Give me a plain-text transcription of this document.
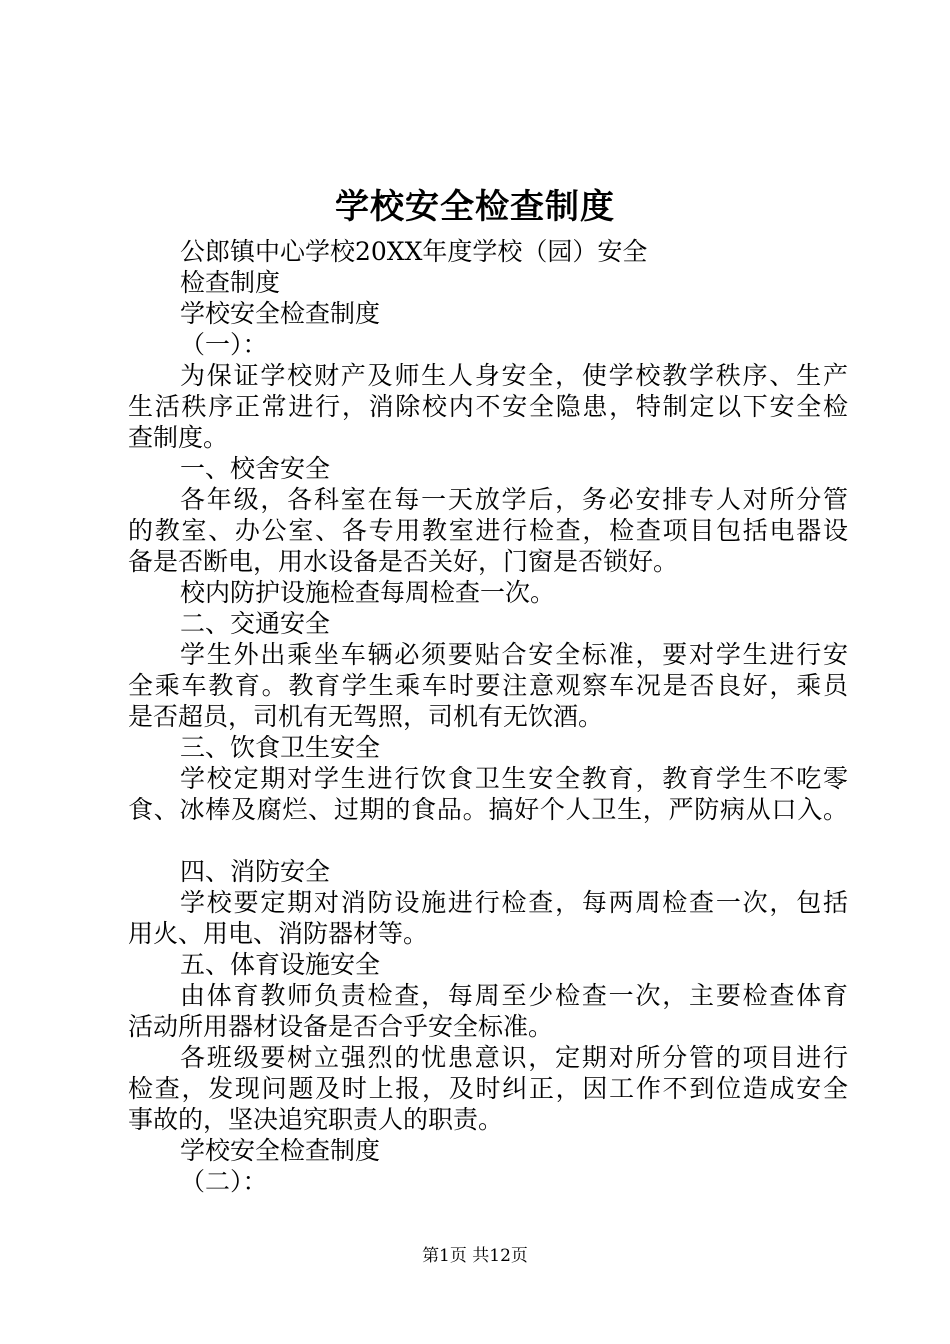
学校安全检查制度
公郎镇中心学校20XX年度学校（园）安全
检查制度
学校安全检查制度
（一）：
为保证学校财产及师生人身安全，使学校教学秩序、生产
生活秩序正常进行，消除校内不安全隐患，特制定以下安全检
查制度。
一、校舍安全
各年级，各科室在每一天放学后，务必安排专人对所分管
的教室、办公室、各专用教室进行检查，检查项目包括电器设
备是否断电，用水设备是否关好，门窗是否锁好。
校内防护设施检查每周检查一次。
二、交通安全
学生外出乘坐车辆必须要贴合安全标准，要对学生进行安
全乘车教育。教育学生乘车时要注意观察车况是否良好，乘员
是否超员，司机有无驾照，司机有无饮酒。
三、饮食卫生安全
学校定期对学生进行饮食卫生安全教育，教育学生不吃零
食、冰棒及腐烂、过期的食品。搞好个人卫生，严防病从口入。
四、消防安全
学校要定期对消防设施进行检查，每两周检查一次，包括
用火、用电、消防器材等。
五、体育设施安全
由体育教师负责检查，每周至少检查一次，主要检查体育
活动所用器材设备是否合乎安全标准。
各班级要树立强烈的忧患意识，定期对所分管的项目进行
检查，发现问题及时上报，及时纠正，因工作不到位造成安全
事故的，坚决追究职责人的职责。
学校安全检查制度
（二）：
第1页 共12页
